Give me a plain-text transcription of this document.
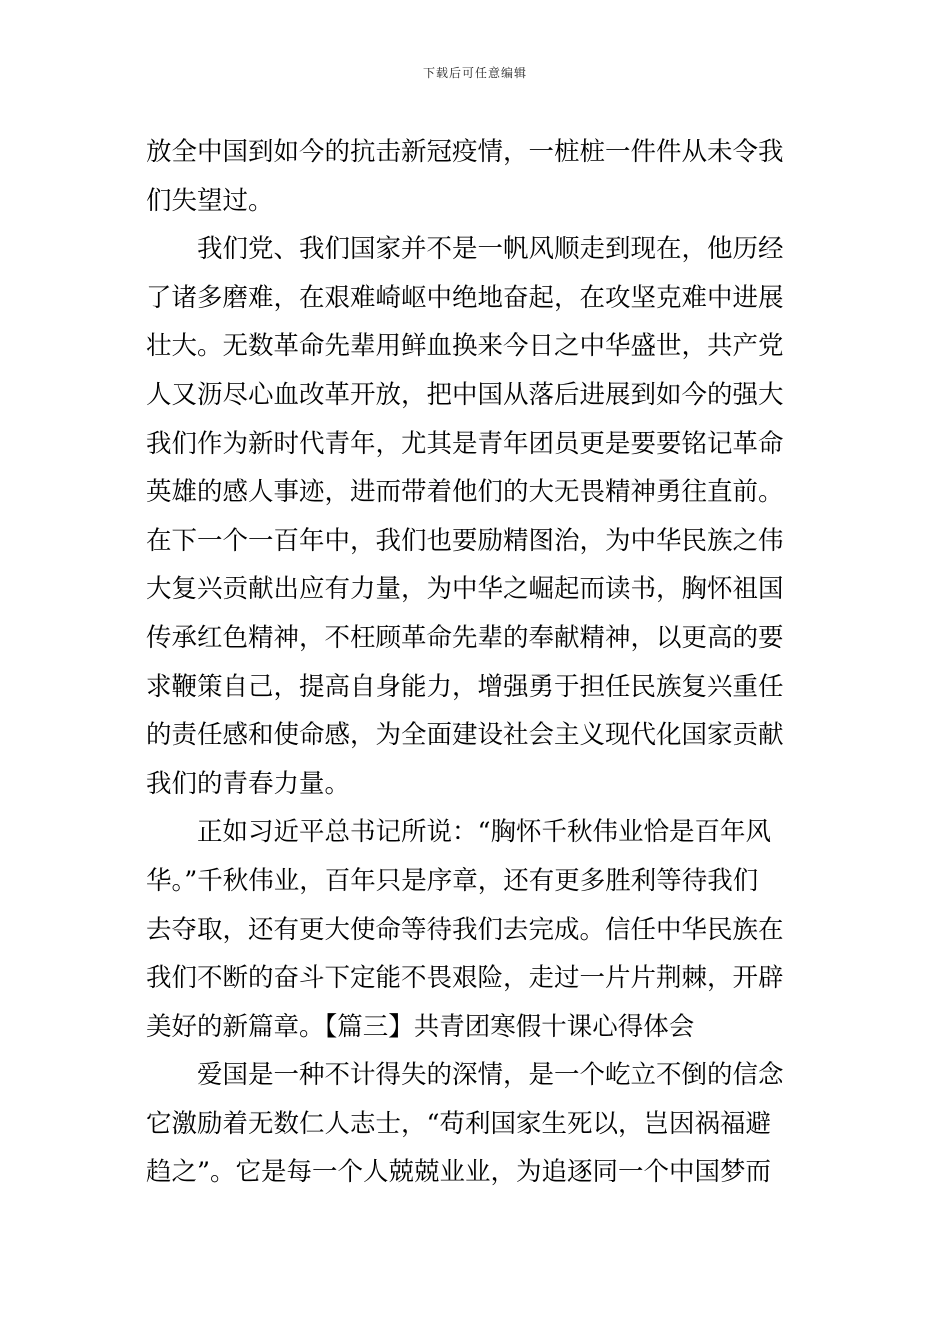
下载后可任意编辑
放全中国到如今的抗击新冠疫情，一桩桩一件件从未令我
们失望过。
我们党、我们国家并不是一帆风顺走到现在，他历经
了诸多磨难，在艰难崎岖中绝地奋起，在攻坚克难中进展
壮大。无数革命先辈用鲜血换来今日之中华盛世，共产党
人又沥尽心血改革开放，把中国从落后进展到如今的强大
我们作为新时代青年，尤其是青年团员更是要要铭记革命
英雄的感人事迹，进而带着他们的大无畏精神勇往直前。
在下一个一百年中，我们也要励精图治，为中华民族之伟
大复兴贡献出应有力量，为中华之崛起而读书，胸怀祖国
传承红色精神，不枉顾革命先辈的奉献精神，以更高的要
求鞭策自己，提高自身能力，增强勇于担任民族复兴重任
的责任感和使命感，为全面建设社会主义现代化国家贡献
我们的青春力量。
正如习近平总书记所说：“胸怀千秋伟业恰是百年风
华。”千秋伟业，百年只是序章，还有更多胜利等待我们
去夺取，还有更大使命等待我们去完成。信任中华民族在
我们不断的奋斗下定能不畏艰险，走过一片片荆棘，开辟
美好的新篇章。【篇三】共青团寒假十课心得体会
爱国是一种不计得失的深情，是一个屹立不倒的信念
它激励着无数仁人志士，“苟利国家生死以，岂因祸福避
趋之”。它是每一个人兢兢业业，为追逐同一个中国梦而
